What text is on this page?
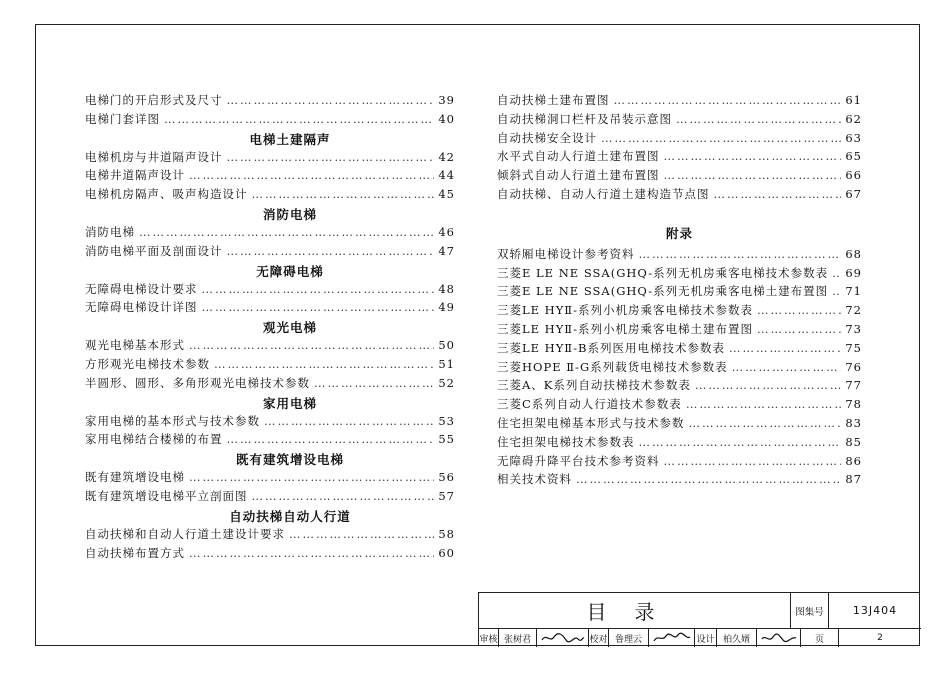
电梯门的开启形式及尺寸 …………………………………………………………………………………………………………………………………………………………	39
电梯门套详图 …………………………………………………………………………………………………………………………………………………………	40
电梯土建隔声
电梯机房与井道隔声设计 …………………………………………………………………………………………………………………………………………………………	42
电梯井道隔声设计 …………………………………………………………………………………………………………………………………………………………	44
电梯机房隔声、吸声构造设计 …………………………………………………………………………………………………………………………………………………………	45
消防电梯
消防电梯 …………………………………………………………………………………………………………………………………………………………	46
消防电梯平面及剖面设计 …………………………………………………………………………………………………………………………………………………………	47
无障碍电梯
无障碍电梯设计要求 …………………………………………………………………………………………………………………………………………………………	48
无障碍电梯设计详图 …………………………………………………………………………………………………………………………………………………………	49
观光电梯
观光电梯基本形式 …………………………………………………………………………………………………………………………………………………………	50
方形观光电梯技术参数 …………………………………………………………………………………………………………………………………………………………	51
半圆形、圆形、多角形观光电梯技术参数 …………………………………………………………………………………………………………………………………………………………	52
家用电梯
家用电梯的基本形式与技术参数 …………………………………………………………………………………………………………………………………………………………	53
家用电梯结合楼梯的布置 …………………………………………………………………………………………………………………………………………………………	55
既有建筑增设电梯
既有建筑增设电梯 …………………………………………………………………………………………………………………………………………………………	56
既有建筑增设电梯平立剖面图 …………………………………………………………………………………………………………………………………………………………	57
自动扶梯自动人行道
自动扶梯和自动人行道土建设计要求 …………………………………………………………………………………………………………………………………………………………	58
自动扶梯布置方式 …………………………………………………………………………………………………………………………………………………………	60
自动扶梯土建布置图 …………………………………………………………………………………………………………………………………………………………	61
自动扶梯洞口栏杆及吊装示意图 …………………………………………………………………………………………………………………………………………………………	62
自动扶梯安全设计 …………………………………………………………………………………………………………………………………………………………	63
水平式自动人行道土建布置图 …………………………………………………………………………………………………………………………………………………………	65
倾斜式自动人行道土建布置图 …………………………………………………………………………………………………………………………………………………………	66
自动扶梯、自动人行道土建构造节点图 …………………………………………………………………………………………………………………………………………………………	67
附录
双轿厢电梯设计参考资料 …………………………………………………………………………………………………………………………………………………………	68
三菱E LE NE SSA(GHQ-系列无机房乘客电梯技术参数表 ………………………………………………………………………………………………………………………………………………………… 69
三菱E LE NE SSA(GHQ-系列无机房乘客电梯土建布置图 ………………………………………………………………………………………………………………………………………………………… 71
三菱LE HYⅡ-系列小机房乘客电梯技术参数表 …………………………………………………………………………………………………………………………………………………………	72
三菱LE HYⅡ-系列小机房乘客电梯土建布置图 …………………………………………………………………………………………………………………………………………………………	73
三菱LE HYⅡ-B系列医用电梯技术参数表 …………………………………………………………………………………………………………………………………………………………	75
三菱HOPE Ⅱ-G系列载货电梯技术参数表 …………………………………………………………………………………………………………………………………………………………	76
三菱A、K系列自动扶梯技术参数表 …………………………………………………………………………………………………………………………………………………………	77
三菱C系列自动人行道技术参数表 …………………………………………………………………………………………………………………………………………………………	78
住宅担架电梯基本形式与技术参数 …………………………………………………………………………………………………………………………………………………………	83
住宅担架电梯技术参数表 …………………………………………………………………………………………………………………………………………………………	85
无障碍升降平台技术参考资料 …………………………………………………………………………………………………………………………………………………………	86
相关技术资料 …………………………………………………………………………………………………………………………………………………………	87
目录	图集号	13J404
审核 张树君	校对 鲁理云	设计 柏久婿	页	2
